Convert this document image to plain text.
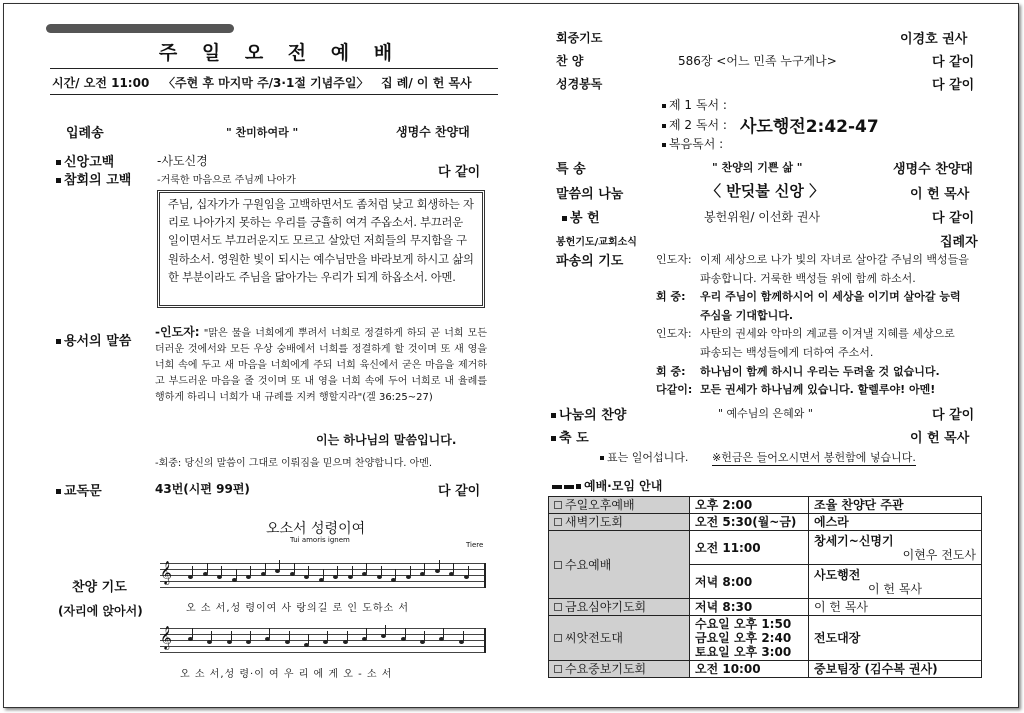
주 일 오 전 예 배
시간/ 오전 11:00 〈주현 후 마지막 주/3·1절 기념주일〉 집 례/ 이 헌 목사
입례송	" 찬미하여라 "	생명수 찬양대
신앙고백	-사도신경
참회의 고백	-거룩한 마음으로 주님께 나아가
다 같이
주님, 십자가가 구원임을 고백하면서도 좀처럼 낮고 회생하는 자리로 나아가지 못하는 우리를 긍휼히 여겨 주옵소서. 부끄러운 일이면서도 부끄러운지도 모르고 살았던 저희들의 무지함을 구원하소서. 영원한 빛이 되시는 예수님만을 바라보게 하시고 삶의 한 부분이라도 주님을 닮아가는 우리가 되게 하옵소서. 아멘.
용서의 말씀
-인도자: "맑은 물을 너희에게 뿌려서 너희로 정결하게 하되 곧 너희 모든 더러운 것에서와 모든 우상 숭배에서 너희를 정결하게 할 것이며 또 새 영을 너희 속에 두고 새 마음을 너희에게 주되 너희 육신에서 굳은 마음을 제거하고 부드러운 마음을 줄 것이며 또 내 영을 너희 속에 두어 너희로 내 율례를 행하게 하리니 너희가 내 규례를 지켜 행할지라"(겔 36:25~27)
이는 하나님의 말씀입니다.
-회중: 당신의 말씀이 그대로 이뤄짐을 믿으며 찬양합니다. 아멘.
교독문	43번(시편 99편)	다 같이
오소서 성령이여
Tui amoris ignem
Tiere
찬양 기도
(자리에 앉아서)
𝄞
오 소 서,성 령이여 사 랑의길 로 인 도하소 서
𝄞
오 소 서,성 령·이 여 우 리 에 게 오 - 소 서
회중기도	이경호 권사
찬 양	586장 <어느 민족 누구게나>	다 같이
성경봉독	다 같이
제 1 독서 :
제 2 독서 : 사도행전2:42-47
복음독서 :
특 송	" 찬양의 기쁜 삶 "	생명수 찬양대
말씀의 나눔	〈 반딧불 신앙 〉	이 헌 목사
봉 헌	봉헌위원/ 이선화 권사	다 같이
봉헌기도/교회소식	집례자
파송의 기도	인도자: 이제 세상으로 나가 빛의 자녀로 살아갈 주님의 백성들을
파송합니다. 거룩한 백성들 위에 함께 하소서.
회 중: 우리 주님이 함께하시어 이 세상을 이기며 살아갈 능력
주심을 기대합니다.
인도자: 사탄의 권세와 악마의 계교를 이겨낼 지혜를 세상으로
파송되는 백성들에게 더하여 주소서.
회 중: 하나님이 함께 하시니 우리는 두려울 것 없습니다.
다같이: 모든 권세가 하나님께 있습니다. 할렐루야! 아멘!
나눔의 찬양	" 예수님의 은혜와 "	다 같이
축 도	이 헌 목사
표는 일어섭니다. ※헌금은 들어오시면서 봉헌함에 넣습니다.
예배·모임 안내
주일오후예배	오후 2:00	조율 찬양단 주관
새벽기도회	오전 5:30(월~금)	에스라
수요예배	오전 11:00	창세기~신명기
이현우 전도사

	저녁 8:00	사도행전
이 헌 목사

금요심야기도회	저녁 8:30	이 헌 목사
씨앗전도대	수요일 오후 1:50
금요일 오후 2:40
토요일 오후 3:00	전도대장
수요중보기도회	오전 10:00	중보팀장 (김수복 권사)
